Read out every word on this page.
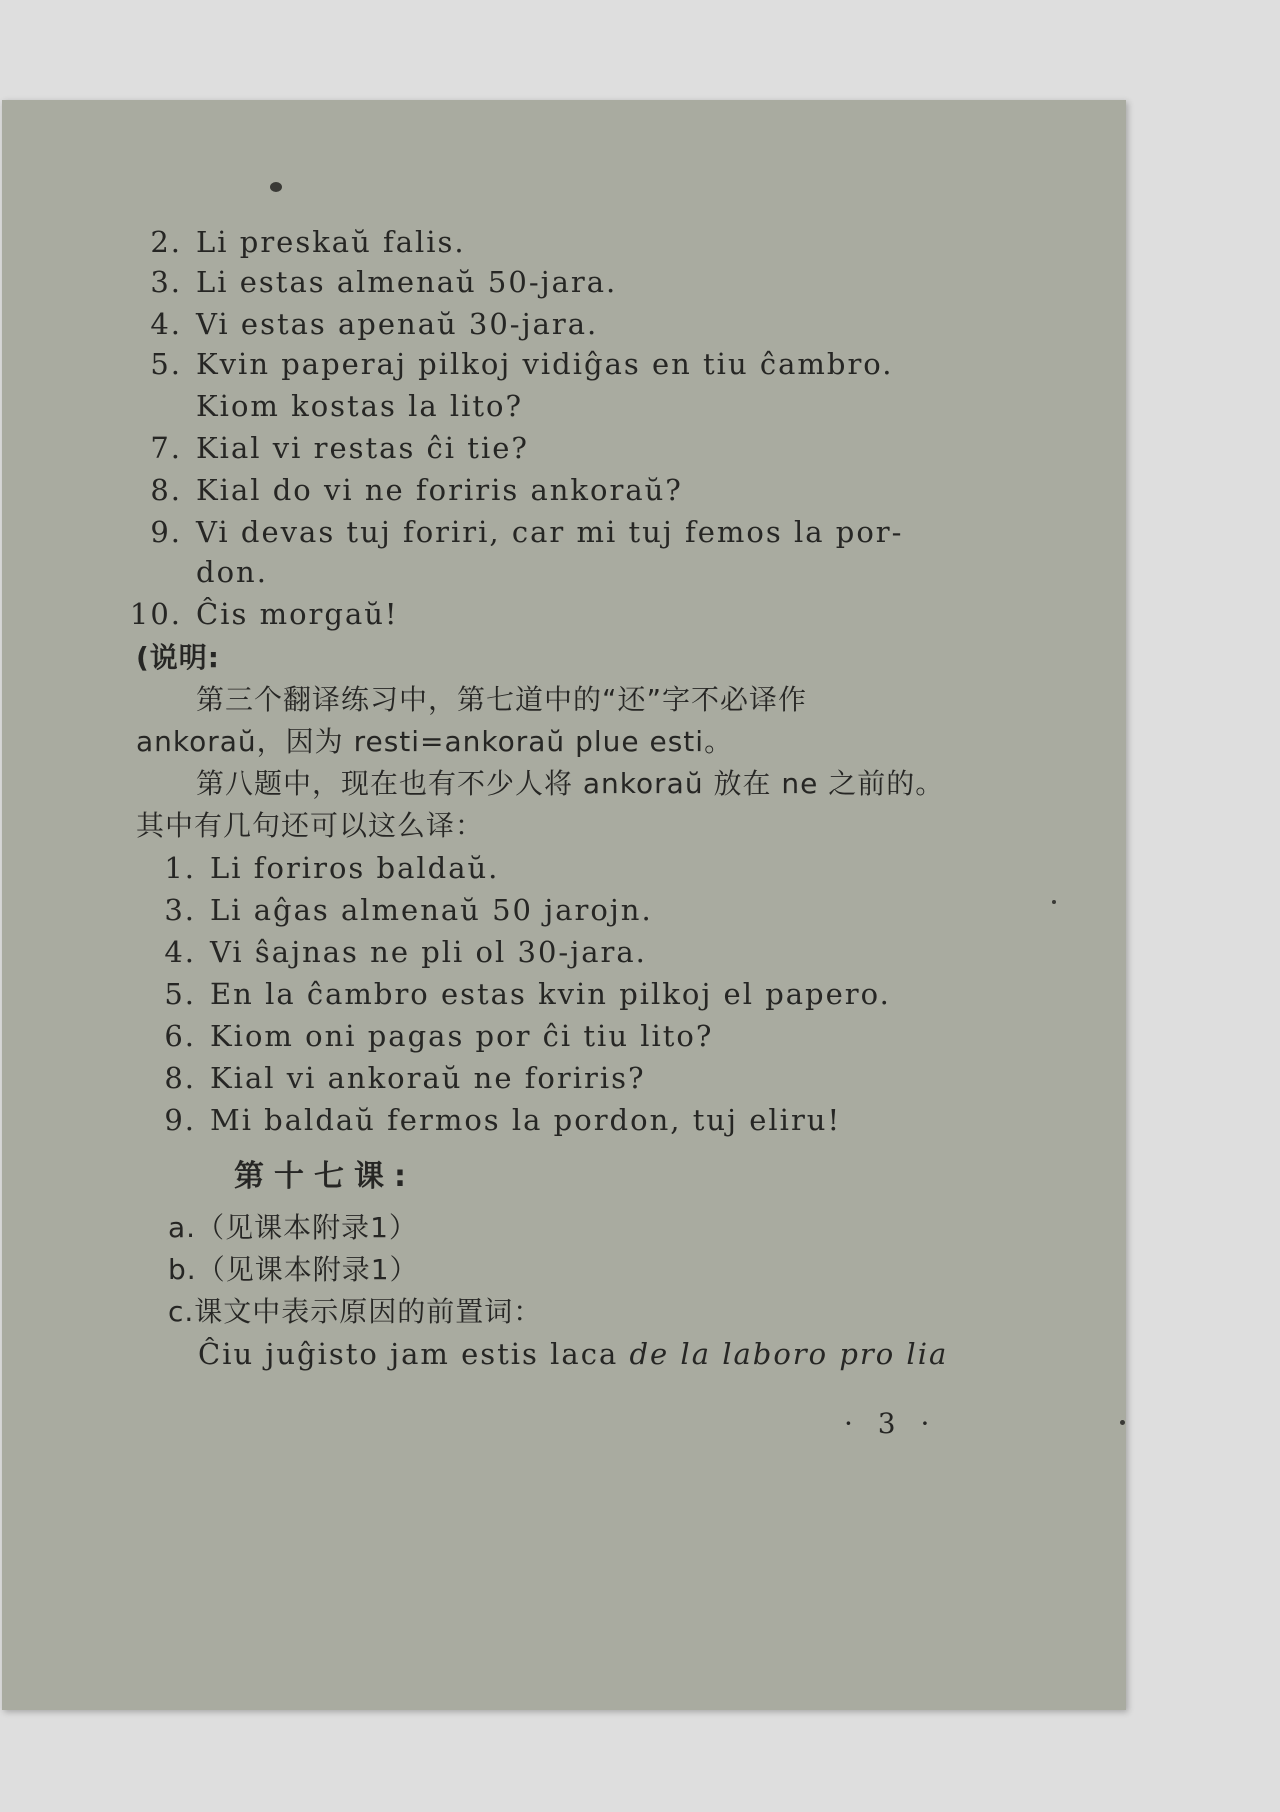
2. Li preskaŭ falis.
3. Li estas almenaŭ 50-jara.
4. Vi estas apenaŭ 30-jara.
5. Kvin paperaj pilkoj vidiĝas en tiu ĉambro.
Kiom kostas la lito?
7. Kial vi restas ĉi tie?
8. Kial do vi ne foriris ankoraŭ?
9. Vi devas tuj foriri, car mi tuj femos la por-
don.
10. Ĉis morgaŭ!
(说明:
第三个翻译练习中，第七道中的“还”字不必译作
ankoraŭ，因为 resti=ankoraŭ plue esti。
第八题中，现在也有不少人将 ankoraŭ 放在 ne 之前的。
其中有几句还可以这么译：
1. Li foriros baldaŭ.
3. Li aĝas almenaŭ 50 jarojn.
4. Vi ŝajnas ne pli ol 30-jara.
5. En la ĉambro estas kvin pilkoj el papero.
6. Kiom oni pagas por ĉi tiu lito?
8. Kial vi ankoraŭ ne foriris?
9. Mi baldaŭ fermos la pordon, tuj eliru!
第十七课:
a.（见课本附录1）
b.（见课本附录1）
c.课文中表示原因的前置词：
Ĉiu juĝisto jam estis laca de la laboro pro lia
· 3 ·
